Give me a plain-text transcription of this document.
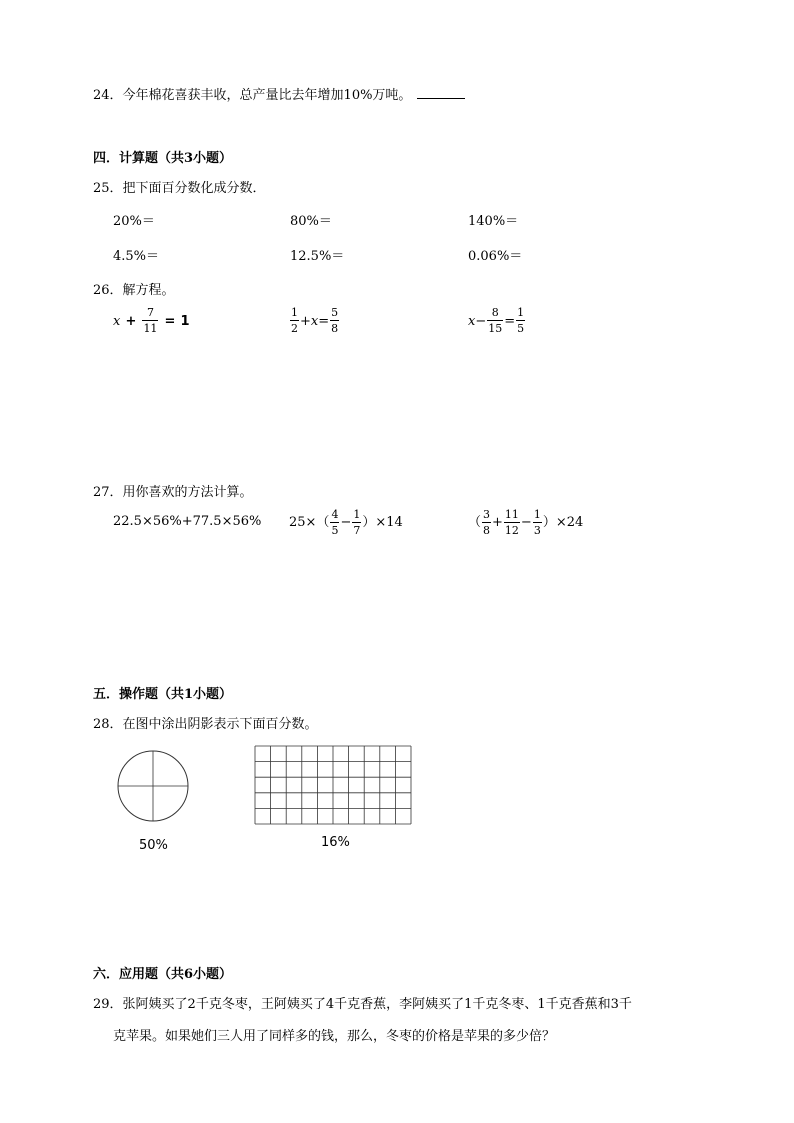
24．今年棉花喜获丰收，总产量比去年增加10%万吨。
四．计算题（共3小题）
25．把下面百分数化成分数．
20%＝	80%＝	140%＝
4.5%＝	12.5%＝	0.06%＝
26．解方程。
$x + \frac{7}{11} = 1$	$\frac{1}{2} +x= \frac{5}{8}$	$x- \frac{8}{15} = \frac{1}{5}$
27．用你喜欢的方法计算。
22.5×56%+77.5×56% $25\times( \frac{4}{5} - \frac{1}{7} )\times 14$	（ $\frac{3}{8} + \frac{11}{12} - \frac{1}{3} )\times 24$
五．操作题（共1小题）
28．在图中涂出阴影表示下面百分数。
50%	16%
六．应用题（共6小题）
29．张阿姨买了2千克冬枣，王阿姨买了4千克香蕉，李阿姨买了1千克冬枣、1千克香蕉和3千
克苹果。如果她们三人用了同样多的钱，那么，冬枣的价格是苹果的多少倍？
